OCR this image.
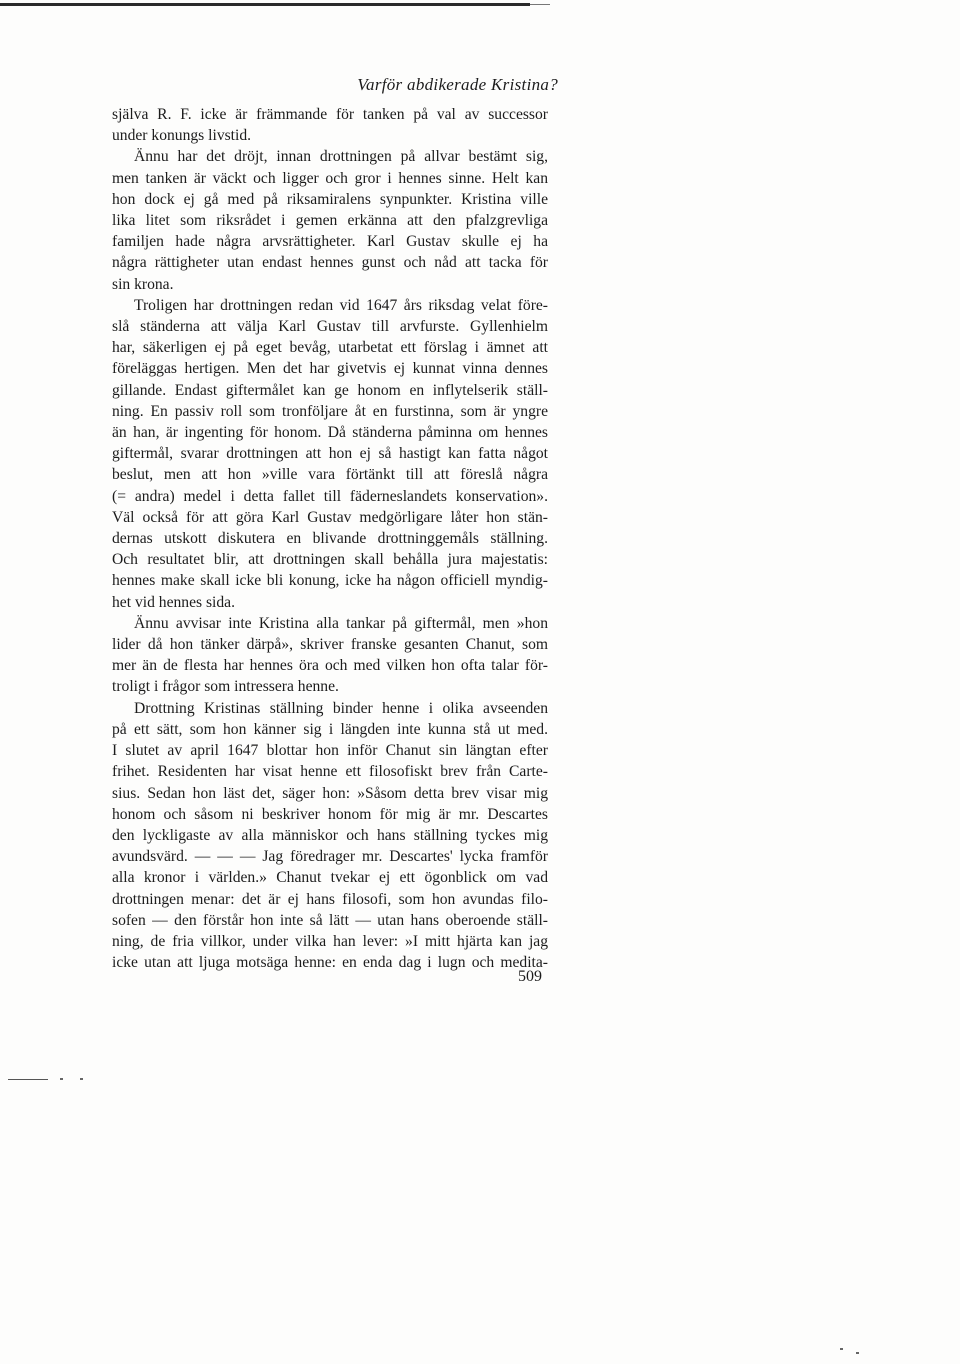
Varför abdikerade Kristina?
själva R. F. icke är främmande för tanken på val av successor
under konungs livstid.
Ännu har det dröjt, innan drottningen på allvar bestämt sig,
men tanken är väckt och ligger och gror i hennes sinne. Helt kan
hon dock ej gå med på riksamiralens synpunkter. Kristina ville
lika litet som riksrådet i gemen erkänna att den pfalzgrevliga
familjen hade några arvsrättigheter. Karl Gustav skulle ej ha
några rättigheter utan endast hennes gunst och nåd att tacka för
sin krona.
Troligen har drottningen redan vid 1647 års riksdag velat före-
slå ständerna att välja Karl Gustav till arvfurste. Gyllenhielm
har, säkerligen ej på eget bevåg, utarbetat ett förslag i ämnet att
föreläggas hertigen. Men det har givetvis ej kunnat vinna dennes
gillande. Endast giftermålet kan ge honom en inflytelserik ställ-
ning. En passiv roll som tronföljare åt en furstinna, som är yngre
än han, är ingenting för honom. Då ständerna påminna om hennes
giftermål, svarar drottningen att hon ej så hastigt kan fatta något
beslut, men att hon »ville vara förtänkt till att föreslå några
(= andra) medel i detta fallet till fäderneslandets konservation».
Väl också för att göra Karl Gustav medgörligare låter hon stän-
dernas utskott diskutera en blivande drottninggemåls ställning.
Och resultatet blir, att drottningen skall behålla jura majestatis:
hennes make skall icke bli konung, icke ha någon officiell myndig-
het vid hennes sida.
Ännu avvisar inte Kristina alla tankar på giftermål, men »hon
lider då hon tänker därpå», skriver franske gesanten Chanut, som
mer än de flesta har hennes öra och med vilken hon ofta talar för-
troligt i frågor som intressera henne.
Drottning Kristinas ställning binder henne i olika avseenden
på ett sätt, som hon känner sig i längden inte kunna stå ut med.
I slutet av april 1647 blottar hon inför Chanut sin längtan efter
frihet. Residenten har visat henne ett filosofiskt brev från Carte-
sius. Sedan hon läst det, säger hon: »Såsom detta brev visar mig
honom och såsom ni beskriver honom för mig är mr. Descartes
den lyckligaste av alla människor och hans ställning tyckes mig
avundsvärd. — — — Jag föredrager mr. Descartes' lycka framför
alla kronor i världen.» Chanut tvekar ej ett ögonblick om vad
drottningen menar: det är ej hans filosofi, som hon avundas filo-
sofen — den förstår hon inte så lätt — utan hans oberoende ställ-
ning, de fria villkor, under vilka han lever: »I mitt hjärta kan jag
icke utan att ljuga motsäga henne: en enda dag i lugn och medita-
509
